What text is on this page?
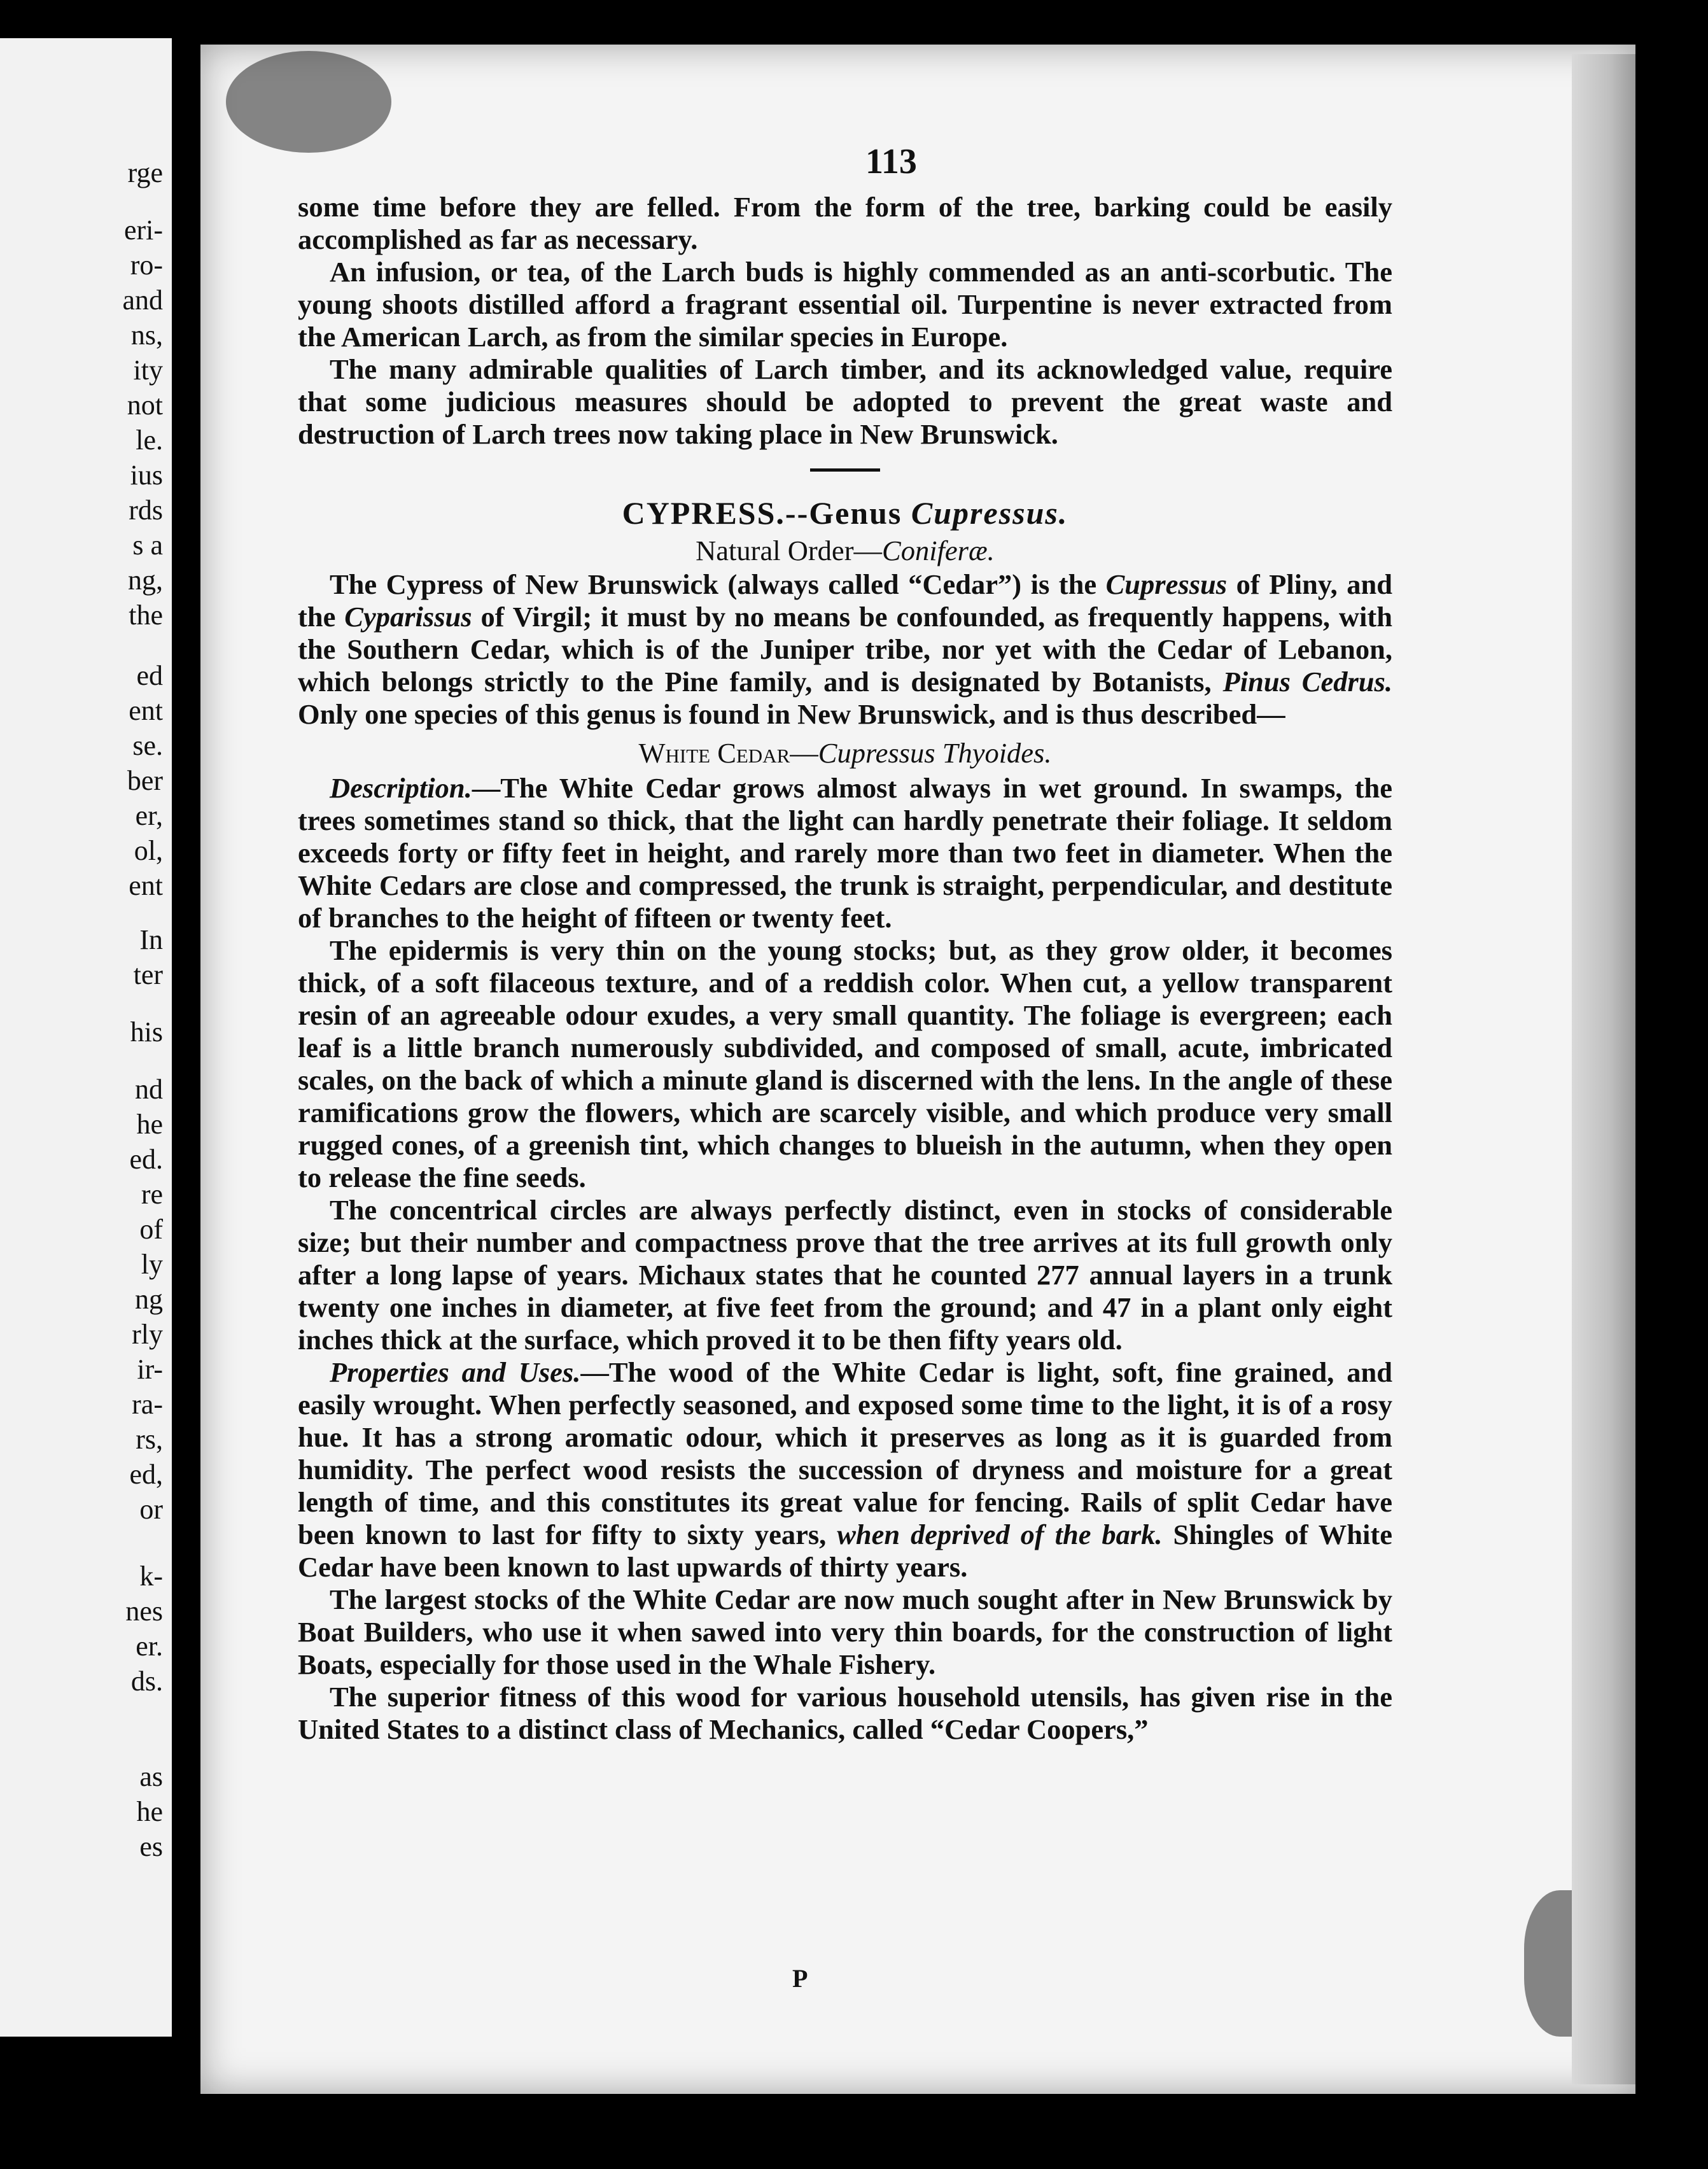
rge
eri-
ro-
and
ns,
ity
not
le.
ius
rds
s a
ng,
the
ed
ent
se.
ber
er,
ol,
ent
In
ter
his
nd
he
ed.
re
of
ly
ng
rly
ir-
ra-
rs,
ed,
or
k-
nes
er.
ds.
as
he
es
113

some time before they are felled. From the form of the tree, barking could be easily accomplished as far as necessary.

An infusion, or tea, of the Larch buds is highly commended as an anti-scorbutic. The young shoots distilled afford a fragrant essential oil. Turpentine is never extracted from the American Larch, as from the similar species in Europe.

The many admirable qualities of Larch timber, and its acknowledged value, require that some judicious measures should be adopted to prevent the great waste and destruction of Larch trees now taking place in New Brunswick.

CYPRESS.--Genus Cupressus.
Natural Order—Coniferæ.

The Cypress of New Brunswick (always called “Cedar”) is the Cupressus of Pliny, and the Cyparissus of Virgil; it must by no means be confounded, as frequently happens, with the Southern Cedar, which is of the Juniper tribe, nor yet with the Cedar of Lebanon, which belongs strictly to the Pine family, and is designated by Botanists, Pinus Cedrus. Only one species of this genus is found in New Brunswick, and is thus described—

White Cedar—Cupressus Thyoides.

Description.—The White Cedar grows almost always in wet ground. In swamps, the trees sometimes stand so thick, that the light can hardly penetrate their foliage. It seldom exceeds forty or fifty feet in height, and rarely more than two feet in diameter. When the White Cedars are close and compressed, the trunk is straight, perpendicular, and destitute of branches to the height of fifteen or twenty feet.

The epidermis is very thin on the young stocks; but, as they grow older, it becomes thick, of a soft filaceous texture, and of a reddish color. When cut, a yellow transparent resin of an agreeable odour exudes, a very small quantity. The foliage is evergreen; each leaf is a little branch numerously subdivided, and composed of small, acute, imbricated scales, on the back of which a minute gland is discerned with the lens. In the angle of these ramifications grow the flowers, which are scarcely visible, and which produce very small rugged cones, of a greenish tint, which changes to blueish in the autumn, when they open to release the fine seeds.

The concentrical circles are always perfectly distinct, even in stocks of considerable size; but their number and compactness prove that the tree arrives at its full growth only after a long lapse of years. Michaux states that he counted 277 annual layers in a trunk twenty one inches in diameter, at five feet from the ground; and 47 in a plant only eight inches thick at the surface, which proved it to be then fifty years old.

Properties and Uses.—The wood of the White Cedar is light, soft, fine grained, and easily wrought. When perfectly seasoned, and exposed some time to the light, it is of a rosy hue. It has a strong aromatic odour, which it preserves as long as it is guarded from humidity. The perfect wood resists the succession of dryness and moisture for a great length of time, and this constitutes its great value for fencing. Rails of split Cedar have been known to last for fifty to sixty years, when deprived of the bark. Shingles of White Cedar have been known to last upwards of thirty years.

The largest stocks of the White Cedar are now much sought after in New Brunswick by Boat Builders, who use it when sawed into very thin boards, for the construction of light Boats, especially for those used in the Whale Fishery.

The superior fitness of this wood for various household utensils, has given rise in the United States to a distinct class of Mechanics, called “Cedar Coopers,”

P
